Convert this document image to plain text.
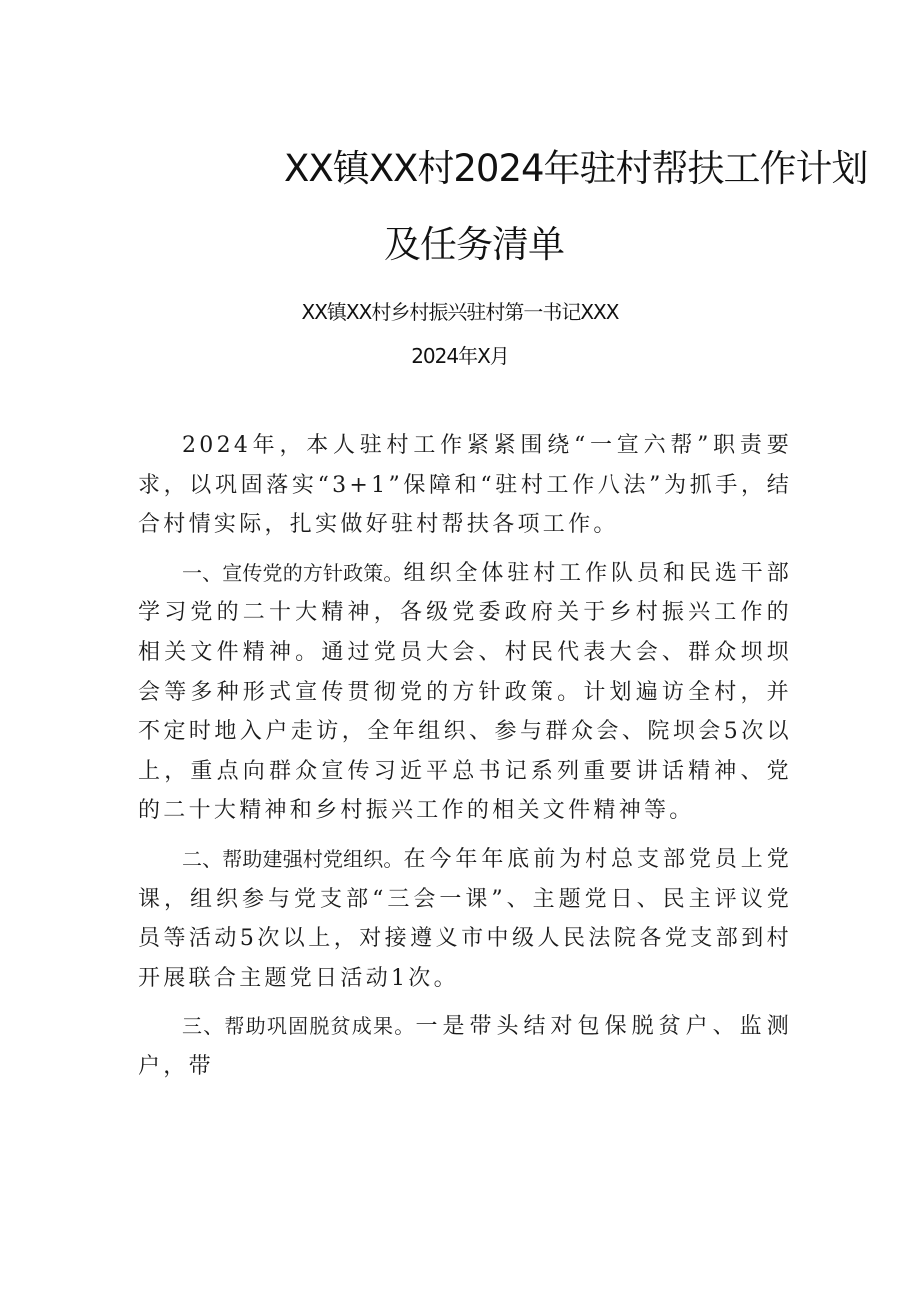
XX镇XX村2024年驻村帮扶工作计划
及任务清单
XX镇XX村乡村振兴驻村第一书记XXX
2024年X月

2024年，本人驻村工作紧紧围绕“一宣六帮”职责要求，以巩固落实“3+1”保障和“驻村工作八法”为抓手，结合村情实际，扎实做好驻村帮扶各项工作。

一、宣传党的方针政策。组织全体驻村工作队员和民选干部学习党的二十大精神，各级党委政府关于乡村振兴工作的相关文件精神。通过党员大会、村民代表大会、群众坝坝会等多种形式宣传贯彻党的方针政策。计划遍访全村，并不定时地入户走访，全年组织、参与群众会、院坝会5次以上，重点向群众宣传习近平总书记系列重要讲话精神、党的二十大精神和乡村振兴工作的相关文件精神等。

二、帮助建强村党组织。在今年年底前为村总支部党员上党课，组织参与党支部“三会一课”、主题党日、民主评议党员等活动5次以上，对接遵义市中级人民法院各党支部到村开展联合主题党日活动1次。

三、帮助巩固脱贫成果。一是带头结对包保脱贫户、监测户，带
